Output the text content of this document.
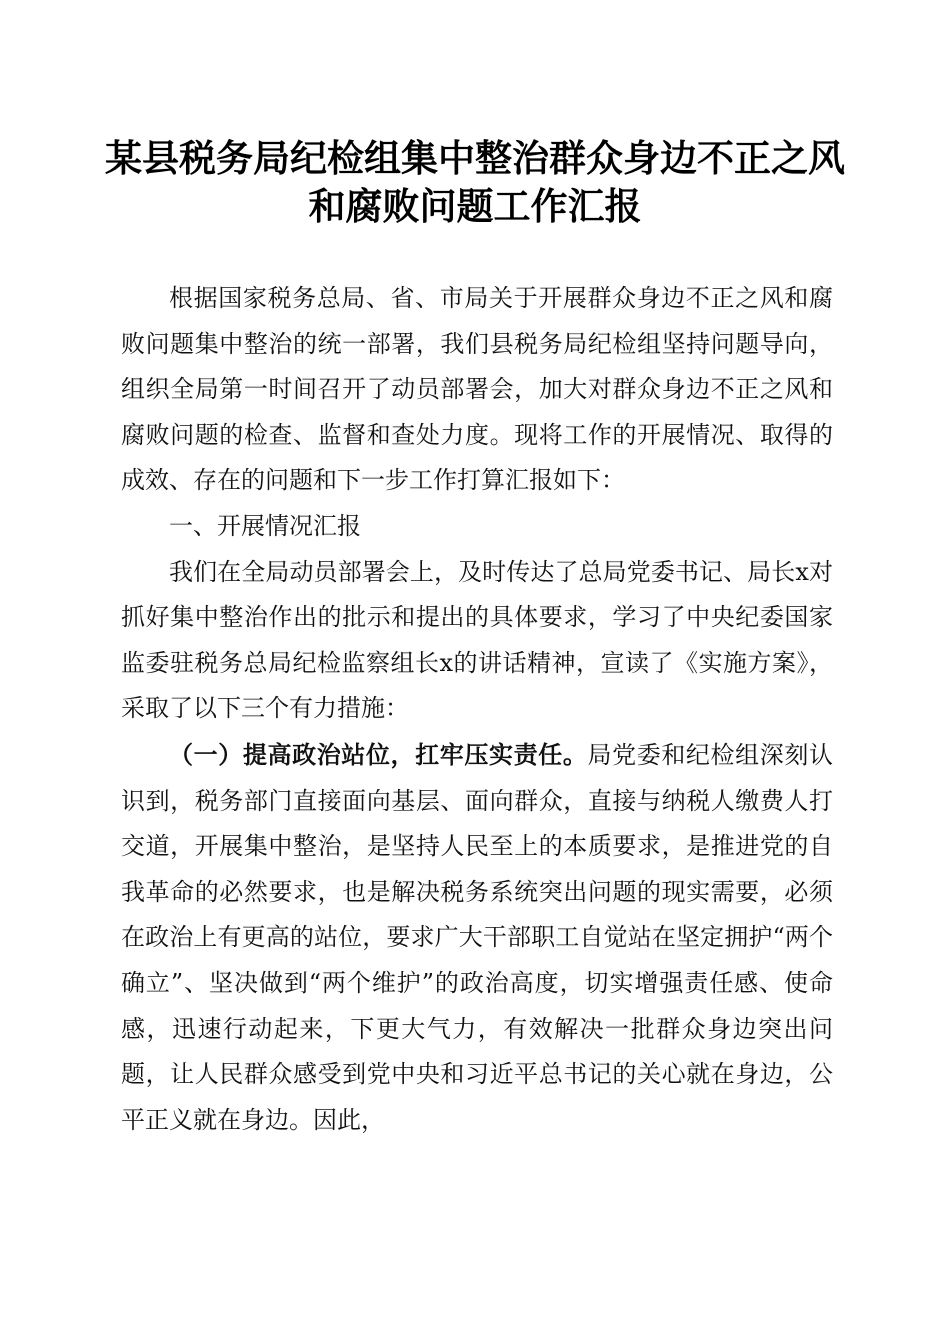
某县税务局纪检组集中整治群众身边不正之风
和腐败问题工作汇报

根据国家税务总局、省、市局关于开展群众身边不正之风和腐败问题集中整治的统一部署，我们县税务局纪检组坚持问题导向，组织全局第一时间召开了动员部署会，加大对群众身边不正之风和腐败问题的检查、监督和查处力度。现将工作的开展情况、取得的成效、存在的问题和下一步工作打算汇报如下：

一、开展情况汇报

我们在全局动员部署会上，及时传达了总局党委书记、局长x对抓好集中整治作出的批示和提出的具体要求，学习了中央纪委国家监委驻税务总局纪检监察组长x的讲话精神，宣读了《实施方案》，采取了以下三个有力措施：

（一）提高政治站位，扛牢压实责任。局党委和纪检组深刻认识到，税务部门直接面向基层、面向群众，直接与纳税人缴费人打交道，开展集中整治，是坚持人民至上的本质要求，是推进党的自我革命的必然要求，也是解决税务系统突出问题的现实需要，必须在政治上有更高的站位，要求广大干部职工自觉站在坚定拥护“两个确立”、坚决做到“两个维护”的政治高度，切实增强责任感、使命感，迅速行动起来，下更大气力，有效解决一批群众身边突出问题，让人民群众感受到党中央和习近平总书记的关心就在身边，公平正义就在身边。因此，
